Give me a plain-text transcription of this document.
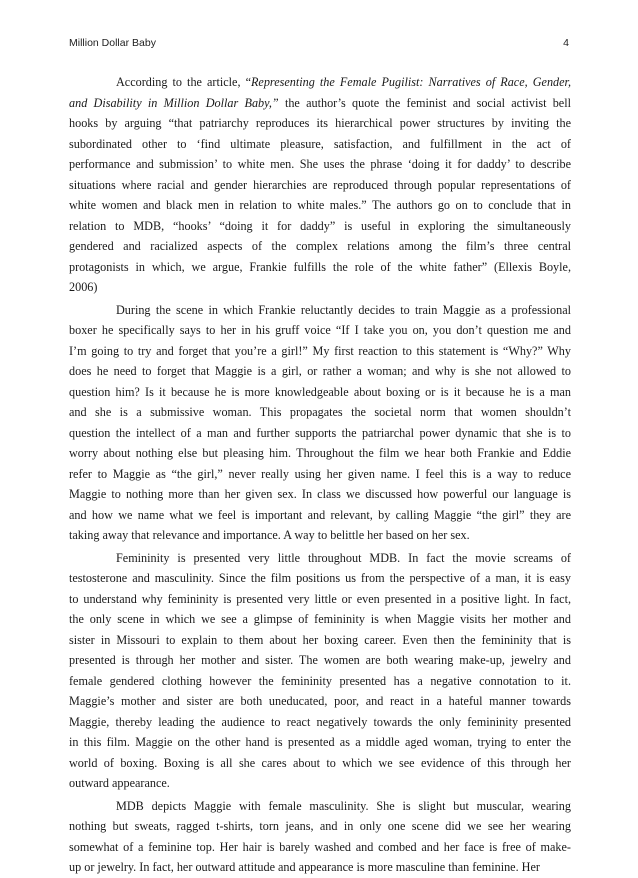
Million Dollar Baby	4
According to the article, “Representing the Female Pugilist: Narratives of Race, Gender,
and Disability in Million Dollar Baby,” the author’s quote the feminist and social activist bell
hooks by arguing “that patriarchy reproduces its hierarchical power structures by inviting the
subordinated other to ‘find ultimate pleasure, satisfaction, and fulfillment in the act of
performance and submission’ to white men. She uses the phrase ‘doing it for daddy’ to describe
situations where racial and gender hierarchies are reproduced through popular representations of
white women and black men in relation to white males.” The authors go on to conclude that in
relation to MDB, “hooks’ “doing it for daddy” is useful in exploring the simultaneously
gendered and racialized aspects of the complex relations among the film’s three central
protagonists in which, we argue, Frankie fulfills the role of the white father” (Ellexis Boyle,
2006)
During the scene in which Frankie reluctantly decides to train Maggie as a professional
boxer he specifically says to her in his gruff voice “If I take you on, you don’t question me and
I’m going to try and forget that you’re a girl!” My first reaction to this statement is “Why?” Why
does he need to forget that Maggie is a girl, or rather a woman; and why is she not allowed to
question him? Is it because he is more knowledgeable about boxing or is it because he is a man
and she is a submissive woman. This propagates the societal norm that women shouldn’t
question the intellect of a man and further supports the patriarchal power dynamic that she is to
worry about nothing else but pleasing him. Throughout the film we hear both Frankie and Eddie
refer to Maggie as “the girl,” never really using her given name. I feel this is a way to reduce
Maggie to nothing more than her given sex. In class we discussed how powerful our language is
and how we name what we feel is important and relevant, by calling Maggie “the girl” they are
taking away that relevance and importance. A way to belittle her based on her sex.
Femininity is presented very little throughout MDB. In fact the movie screams of
testosterone and masculinity. Since the film positions us from the perspective of a man, it is easy
to understand why femininity is presented very little or even presented in a positive light. In fact,
the only scene in which we see a glimpse of femininity is when Maggie visits her mother and
sister in Missouri to explain to them about her boxing career. Even then the femininity that is
presented is through her mother and sister. The women are both wearing make-up, jewelry and
female gendered clothing however the femininity presented has a negative connotation to it.
Maggie’s mother and sister are both uneducated, poor, and react in a hateful manner towards
Maggie, thereby leading the audience to react negatively towards the only femininity presented
in this film. Maggie on the other hand is presented as a middle aged woman, trying to enter the
world of boxing. Boxing is all she cares about to which we see evidence of this through her
outward appearance.
MDB depicts Maggie with female masculinity. She is slight but muscular, wearing
nothing but sweats, ragged t-shirts, torn jeans, and in only one scene did we see her wearing
somewhat of a feminine top. Her hair is barely washed and combed and her face is free of make-
up or jewelry. In fact, her outward attitude and appearance is more masculine than feminine. Her
